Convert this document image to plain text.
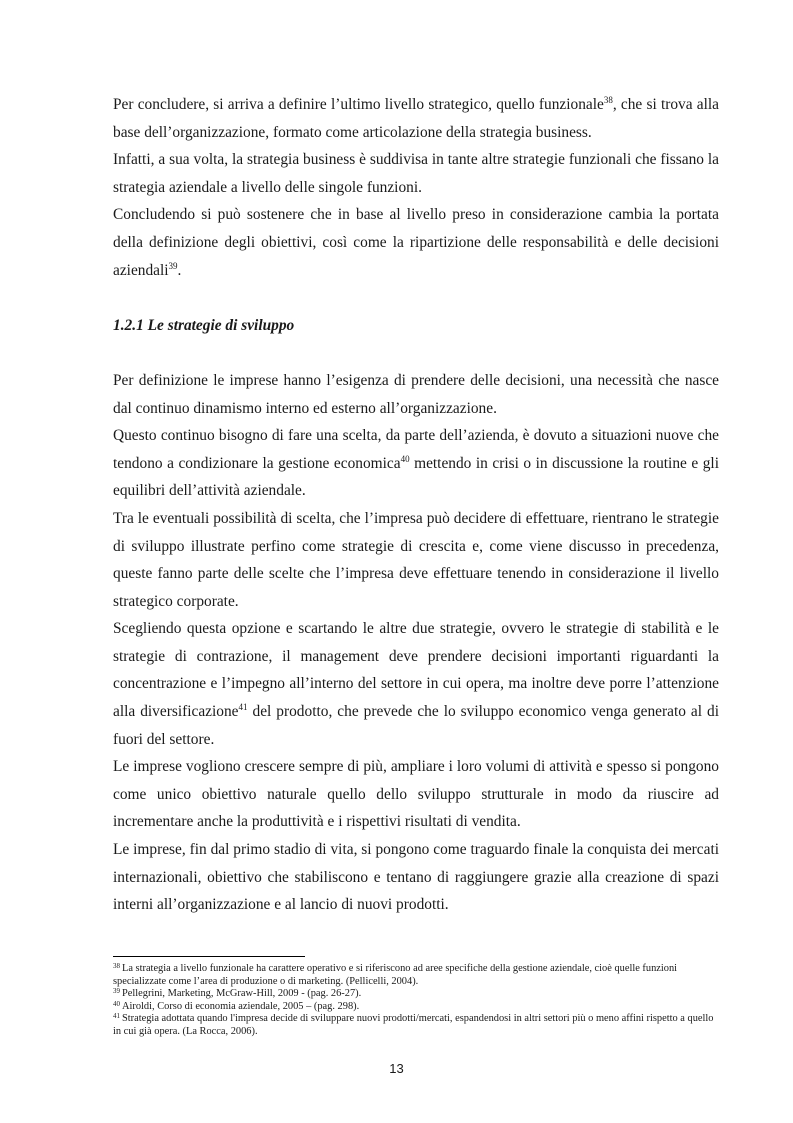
Per concludere, si arriva a definire l’ultimo livello strategico, quello funzionale$^{38}$, che si trova alla base dell’organizzazione, formato come articolazione della strategia business.

Infatti, a sua volta, la strategia business è suddivisa in tante altre strategie funzionali che fissano la strategia aziendale a livello delle singole funzioni.

Concludendo si può sostenere che in base al livello preso in considerazione cambia la portata della definizione degli obiettivi, così come la ripartizione delle responsabilità e delle decisioni aziendali$^{39}$.

1.2.1 Le strategie di sviluppo

Per definizione le imprese hanno l’esigenza di prendere delle decisioni, una necessità che nasce dal continuo dinamismo interno ed esterno all’organizzazione.

Questo continuo bisogno di fare una scelta, da parte dell’azienda, è dovuto a situazioni nuove che tendono a condizionare la gestione economica$^{40}$ mettendo in crisi o in discussione la routine e gli equilibri dell’attività aziendale.

Tra le eventuali possibilità di scelta, che l’impresa può decidere di effettuare, rientrano le strategie di sviluppo illustrate perfino come strategie di crescita e, come viene discusso in precedenza, queste fanno parte delle scelte che l’impresa deve effettuare tenendo in considerazione il livello strategico corporate.

Scegliendo questa opzione e scartando le altre due strategie, ovvero le strategie di stabilità e le strategie di contrazione, il management deve prendere decisioni importanti riguardanti la concentrazione e l’impegno all’interno del settore in cui opera, ma inoltre deve porre l’attenzione alla diversificazione$^{41}$ del prodotto, che prevede che lo sviluppo economico venga generato al di fuori del settore.

Le imprese vogliono crescere sempre di più, ampliare i loro volumi di attività e spesso si pongono come unico obiettivo naturale quello dello sviluppo strutturale in modo da riuscire ad incrementare anche la produttività e i rispettivi risultati di vendita.

Le imprese, fin dal primo stadio di vita, si pongono come traguardo finale la conquista dei mercati internazionali, obiettivo che stabiliscono e tentano di raggiungere grazie alla creazione di spazi interni all’organizzazione e al lancio di nuovi prodotti.

$^{38}$ La strategia a livello funzionale ha carattere operativo e si riferiscono ad aree specifiche della gestione aziendale, cioè quelle funzioni specializzate come l’area di produzione o di marketing. (Pellicelli, 2004).

$^{39}$ Pellegrini, Marketing, McGraw-Hill, 2009 - (pag. 26-27).

$^{40}$ Airoldi, Corso di economia aziendale, 2005 – (pag. 298).

$^{41}$ Strategia adottata quando l'impresa decide di sviluppare nuovi prodotti/mercati, espandendosi in altri settori più o meno affini rispetto a quello in cui già opera. (La Rocca, 2006).

13
